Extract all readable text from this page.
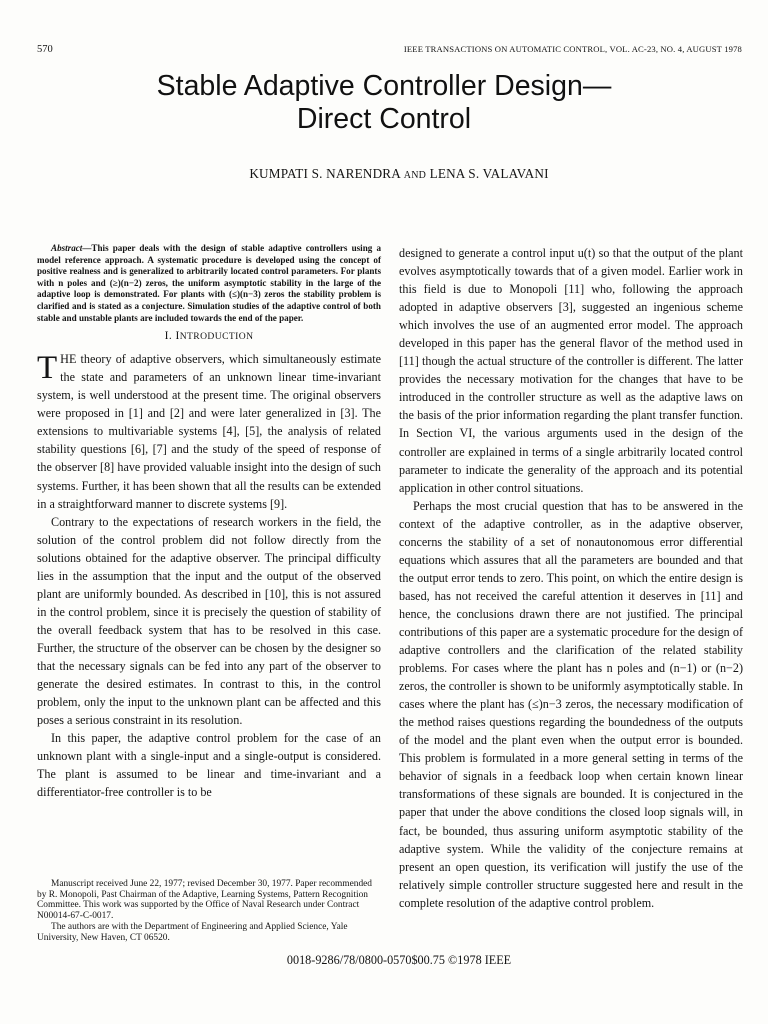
570	IEEE TRANSACTIONS ON AUTOMATIC CONTROL, VOL. AC-23, NO. 4, AUGUST 1978
Stable Adaptive Controller Design—
Direct Control
KUMPATI S. NARENDRA AND LENA S. VALAVANI

Abstract—This paper deals with the design of stable adaptive controllers using a model reference approach. A systematic procedure is developed using the concept of positive realness and is generalized to arbitrarily located control parameters. For plants with n poles and (≥)(n−2) zeros, the uniform asymptotic stability in the large of the adaptive loop is demonstrated. For plants with (≤)(n−3) zeros the stability problem is clarified and is stated as a conjecture. Simulation studies of the adaptive control of both stable and unstable plants are included towards the end of the paper.

I. INTRODUCTION

THE theory of adaptive observers, which simultaneously estimate the state and parameters of an unknown linear time-invariant system, is well understood at the present time. The original observers were proposed in [1] and [2] and were later generalized in [3]. The extensions to multivariable systems [4], [5], the analysis of related stability questions [6], [7] and the study of the speed of response of the observer [8] have provided valuable insight into the design of such systems. Further, it has been shown that all the results can be extended in a straightforward manner to discrete systems [9].

Contrary to the expectations of research workers in the field, the solution of the control problem did not follow directly from the solutions obtained for the adaptive observer. The principal difficulty lies in the assumption that the input and the output of the observed plant are uniformly bounded. As described in [10], this is not assured in the control problem, since it is precisely the question of stability of the overall feedback system that has to be resolved in this case. Further, the structure of the observer can be chosen by the designer so that the necessary signals can be fed into any part of the observer to generate the desired estimates. In contrast to this, in the control problem, only the input to the unknown plant can be affected and this poses a serious constraint in its resolution.

In this paper, the adaptive control problem for the case of an unknown plant with a single-input and a single-output is considered. The plant is assumed to be linear and time-invariant and a differentiator-free controller is to be

designed to generate a control input u(t) so that the output of the plant evolves asymptotically towards that of a given model. Earlier work in this field is due to Monopoli [11] who, following the approach adopted in adaptive observers [3], suggested an ingenious scheme which involves the use of an augmented error model. The approach developed in this paper has the general flavor of the method used in [11] though the actual structure of the controller is different. The latter provides the necessary motivation for the changes that have to be introduced in the controller structure as well as the adaptive laws on the basis of the prior information regarding the plant transfer function. In Section VI, the various arguments used in the design of the controller are explained in terms of a single arbitrarily located control parameter to indicate the generality of the approach and its potential application in other control situations.

Perhaps the most crucial question that has to be answered in the context of the adaptive controller, as in the adaptive observer, concerns the stability of a set of nonautonomous error differential equations which assures that all the parameters are bounded and that the output error tends to zero. This point, on which the entire design is based, has not received the careful attention it deserves in [11] and hence, the conclusions drawn there are not justified. The principal contributions of this paper are a systematic procedure for the design of adaptive controllers and the clarification of the related stability problems. For cases where the plant has n poles and (n−1) or (n−2) zeros, the controller is shown to be uniformly asymptotically stable. In cases where the plant has (≤)n−3 zeros, the necessary modification of the method raises questions regarding the boundedness of the outputs of the model and the plant even when the output error is bounded. This problem is formulated in a more general setting in terms of the behavior of signals in a feedback loop when certain known linear transformations of these signals are bounded. It is conjectured in the paper that under the above conditions the closed loop signals will, in fact, be bounded, thus assuring uniform asymptotic stability of the adaptive system. While the validity of the conjecture remains at present an open question, its verification will justify the use of the relatively simple controller structure suggested here and result in the complete resolution of the adaptive control problem.

Manuscript received June 22, 1977; revised December 30, 1977. Paper recommended by R. Monopoli, Past Chairman of the Adaptive, Learning Systems, Pattern Recognition Committee. This work was supported by the Office of Naval Research under Contract N00014-67-C-0017.

The authors are with the Department of Engineering and Applied Science, Yale University, New Haven, CT 06520.

0018-9286/78/0800-0570$00.75 ©1978 IEEE
